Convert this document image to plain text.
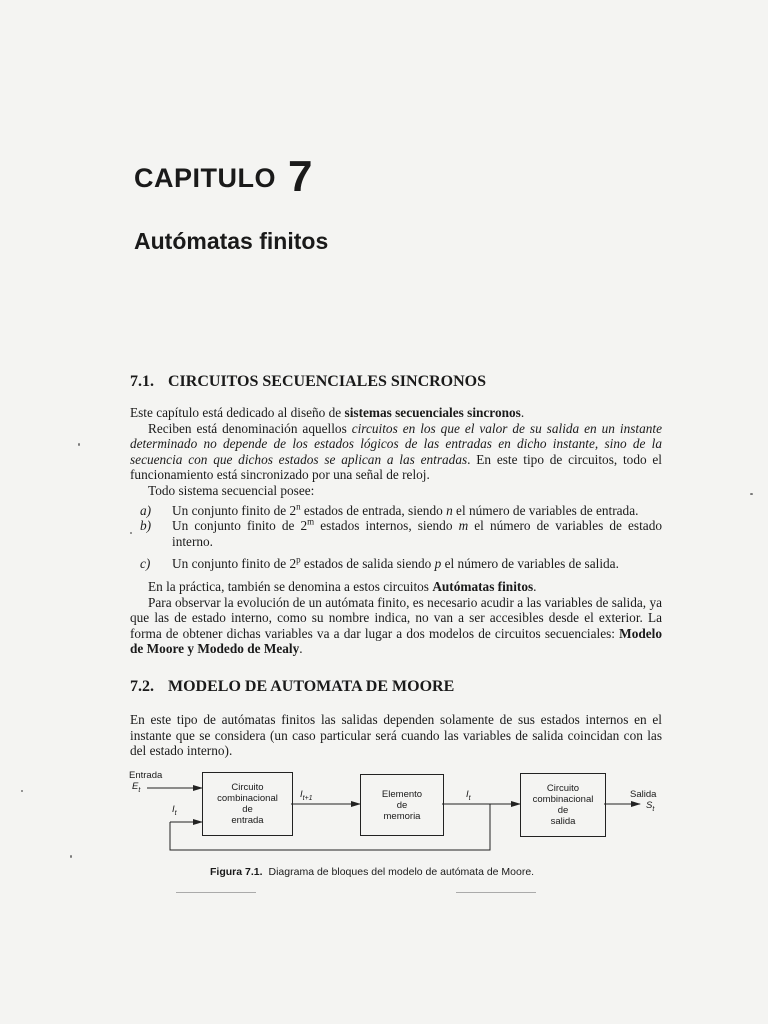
CAPITULO 7
Autómatas finitos
7.1. CIRCUITOS SECUENCIALES SINCRONOS

Este capítulo está dedicado al diseño de sistemas secuenciales sincronos.

Reciben está denominación aquellos circuitos en los que el valor de su salida en un instante determinado no depende de los estados lógicos de las entradas en dicho instante, sino de la secuencia con que dichos estados se aplican a las entradas. En este tipo de circuitos, todo el funcionamiento está sincronizado por una señal de reloj.

Todo sistema secuencial posee:

a) Un conjunto finito de 2$^n$ estados de entrada, siendo n el número de variables de entrada.
b) Un conjunto finito de 2$^m$ estados internos, siendo m el número de variables de estado interno.
c) Un conjunto finito de 2$^p$ estados de salida siendo p el número de variables de salida.

En la práctica, también se denomina a estos circuitos Autómatas finitos.

Para observar la evolución de un autómata finito, es necesario acudir a las variables de salida, ya que las de estado interno, como su nombre indica, no van a ser accesibles desde el exterior. La forma de obtener dichas variables va a dar lugar a dos modelos de circuitos secuenciales: Modelo de Moore y Modedo de Mealy.

7.2. MODELO DE AUTOMATA DE MOORE

En este tipo de autómatas finitos las salidas dependen solamente de sus estados internos en el instante que se considera (un caso particular será cuando las variables de salida coincidan con las del estado interno).

Entrada
$E_t$
$I_t$
Circuito
combinacional
de
entrada
$I_{t+1}$	Elemento
de
memoria
$I_t$
Circuito
combinacional
de
salida
Salida
$S_t$
Figura 7.1. Diagrama de bloques del modelo de autómata de Moore.
